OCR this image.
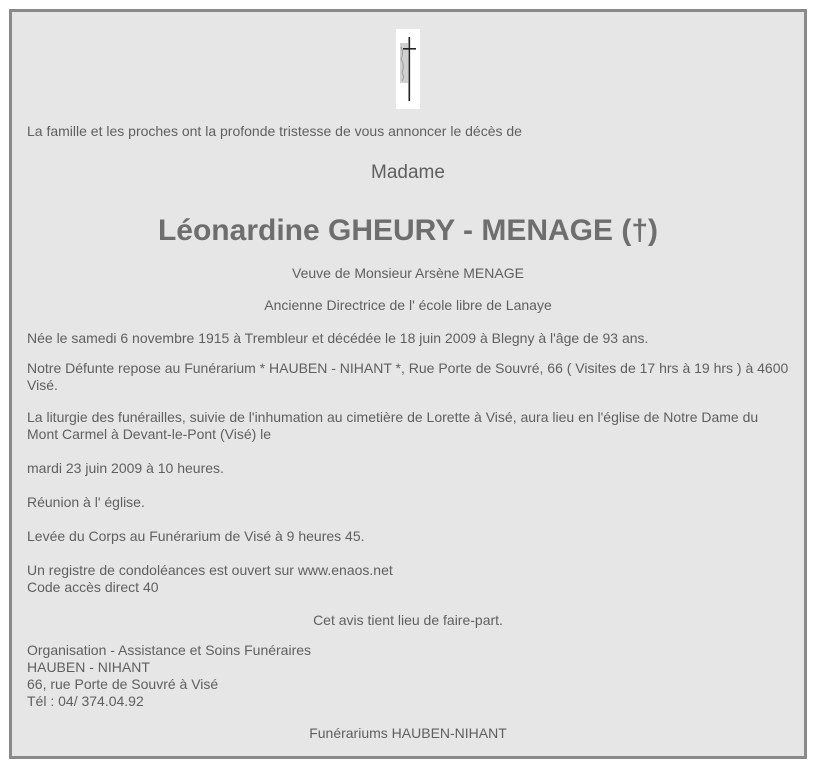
La famille et les proches ont la profonde tristesse de vous annoncer le décès de

Madame

Léonardine GHEURY - MENAGE (†)

Veuve de Monsieur Arsène MENAGE

Ancienne Directrice de l' école libre de Lanaye

Née le samedi 6 novembre 1915 à Trembleur et décédée le 18 juin 2009 à Blegny à l'âge de 93 ans.

Notre Défunte repose au Funérarium * HAUBEN - NIHANT *, Rue Porte de Souvré, 66 ( Visites de 17 hrs à 19 hrs ) à 4600 Visé.

La liturgie des funérailles, suivie de l'inhumation au cimetière de Lorette à Visé, aura lieu en l'église de Notre Dame du Mont Carmel à Devant-le-Pont (Visé) le

mardi 23 juin 2009 à 10 heures.

Réunion à l' église.

Levée du Corps au Funérarium de Visé à 9 heures 45.

Un registre de condoléances est ouvert sur www.enaos.net

Code accès direct 40

Cet avis tient lieu de faire-part.

Organisation - Assistance et Soins Funéraires

HAUBEN - NIHANT

66, rue Porte de Souvré à Visé

Tél : 04/ 374.04.92

Funérariums HAUBEN-NIHANT
